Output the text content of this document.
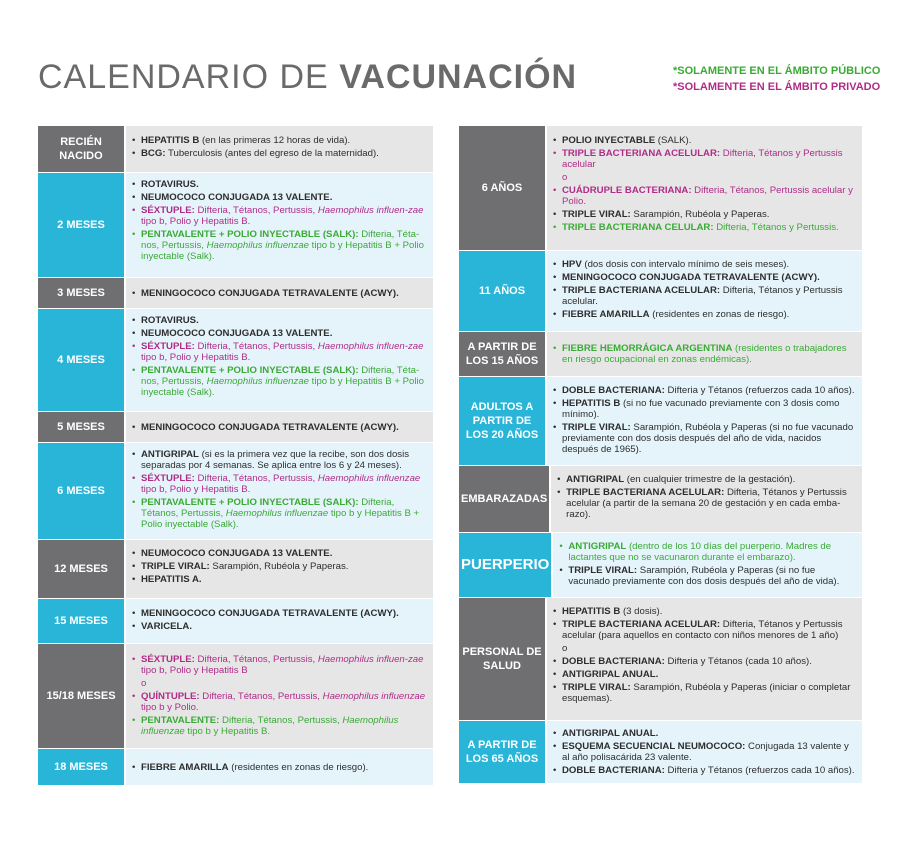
CALENDARIO DE VACUNACIÓN	*SOLAMENTE EN EL ÁMBITO PÚBLICO
*SOLAMENTE EN EL ÁMBITO PRIVADO
RECIÉN NACIDO
• HEPATITIS B (en las primeras 12 horas de vida).
• BCG: Tuberculosis (antes del egreso de la maternidad).
2 MESES
• ROTAVIRUS.
• NEUMOCOCO CONJUGADA 13 VALENTE.
• SÉXTUPLE: Difteria, Tétanos, Pertussis, Haemophilus influen-zae tipo b, Polio y Hepatitis B.
• PENTAVALENTE + POLIO INYECTABLE (SALK): Difteria, Téta-nos, Pertussis, Haemophilus influenzae tipo b y Hepatitis B + Polio inyectable (Salk).
3 MESES	• MENINGOCOCO CONJUGADA TETRAVALENTE (ACWY).
4 MESES
• ROTAVIRUS.
• NEUMOCOCO CONJUGADA 13 VALENTE.
• SÉXTUPLE: Difteria, Tétanos, Pertussis, Haemophilus influen-zae tipo b, Polio y Hepatitis B.
• PENTAVALENTE + POLIO INYECTABLE (SALK): Difteria, Téta-nos, Pertussis, Haemophilus influenzae tipo b y Hepatitis B + Polio inyectable (Salk).
5 MESES	• MENINGOCOCO CONJUGADA TETRAVALENTE (ACWY).
6 MESES
• ANTIGRIPAL (si es la primera vez que la recibe, son dos dosis separadas por 4 semanas. Se aplica entre los 6 y 24 meses).
• SÉXTUPLE: Difteria, Tétanos, Pertussis, Haemophilus influenzae tipo b, Polio y Hepatitis B.
• PENTAVALENTE + POLIO INYECTABLE (SALK): Difteria, Tétanos, Pertussis, Haemophilus influenzae tipo b y Hepatitis B + Polio inyectable (Salk).
12 MESES
• NEUMOCOCO CONJUGADA 13 VALENTE.
• TRIPLE VIRAL: Sarampión, Rubéola y Paperas.
• HEPATITIS A.
15 MESES
• MENINGOCOCO CONJUGADA TETRAVALENTE (ACWY).
• VARICELA.
15/18 MESES
• SÉXTUPLE: Difteria, Tétanos, Pertussis, Haemophilus influen-zae tipo b, Polio y Hepatitis B
o
• QUÍNTUPLE: Difteria, Tétanos, Pertussis, Haemophilus influenzae tipo b y Polio.
• PENTAVALENTE: Difteria, Tétanos, Pertussis, Haemophilus influenzae tipo b y Hepatitis B.
18 MESES	• FIEBRE AMARILLA (residentes en zonas de riesgo).
6 AÑOS
• POLIO INYECTABLE (SALK).
• TRIPLE BACTERIANA ACELULAR: Difteria, Tétanos y Pertussis acelular
o
• CUÁDRUPLE BACTERIANA: Difteria, Tétanos, Pertussis acelular y Polio.
• TRIPLE VIRAL: Sarampión, Rubéola y Paperas.
• TRIPLE BACTERIANA CELULAR: Difteria, Tétanos y Pertussis.
11 AÑOS
• HPV (dos dosis con intervalo mínimo de seis meses).
• MENINGOCOCO CONJUGADA TETRAVALENTE (ACWY).
• TRIPLE BACTERIANA ACELULAR: Difteria, Tétanos y Pertussis acelular.
• FIEBRE AMARILLA (residentes en zonas de riesgo).
A PARTIR DE LOS 15 AÑOS
• FIEBRE HEMORRÁGICA ARGENTINA (residentes o trabajadores en riesgo ocupacional en zonas endémicas).
ADULTOS A PARTIR DE LOS 20 AÑOS
• DOBLE BACTERIANA: Difteria y Tétanos (refuerzos cada 10 años).
• HEPATITIS B (si no fue vacunado previamente con 3 dosis como mínimo).
• TRIPLE VIRAL: Sarampión, Rubéola y Paperas (si no fue vacunado previamente con dos dosis después del año de vida, nacidos después de 1965).
EMBARAZADAS
• ANTIGRIPAL (en cualquier trimestre de la gestación).
• TRIPLE BACTERIANA ACELULAR: Difteria, Tétanos y Pertussis acelular (a partir de la semana 20 de gestación y en cada emba-razo).
PUERPERIO
• ANTIGRIPAL (dentro de los 10 días del puerperio. Madres de lactantes que no se vacunaron durante el embarazo).
• TRIPLE VIRAL: Sarampión, Rubéola y Paperas (si no fue vacunado previamente con dos dosis después del año de vida).
PERSONAL DE SALUD
• HEPATITIS B (3 dosis).
• TRIPLE BACTERIANA ACELULAR: Difteria, Tétanos y Pertussis acelular (para aquellos en contacto con niños menores de 1 año)
o
• DOBLE BACTERIANA: Difteria y Tétanos (cada 10 años).
• ANTIGRIPAL ANUAL.
• TRIPLE VIRAL: Sarampión, Rubéola y Paperas (iniciar o completar esquemas).
A PARTIR DE LOS 65 AÑOS
• ANTIGRIPAL ANUAL.
• ESQUEMA SECUENCIAL NEUMOCOCO: Conjugada 13 valente y al año polisacárida 23 valente.
• DOBLE BACTERIANA: Difteria y Tétanos (refuerzos cada 10 años).
